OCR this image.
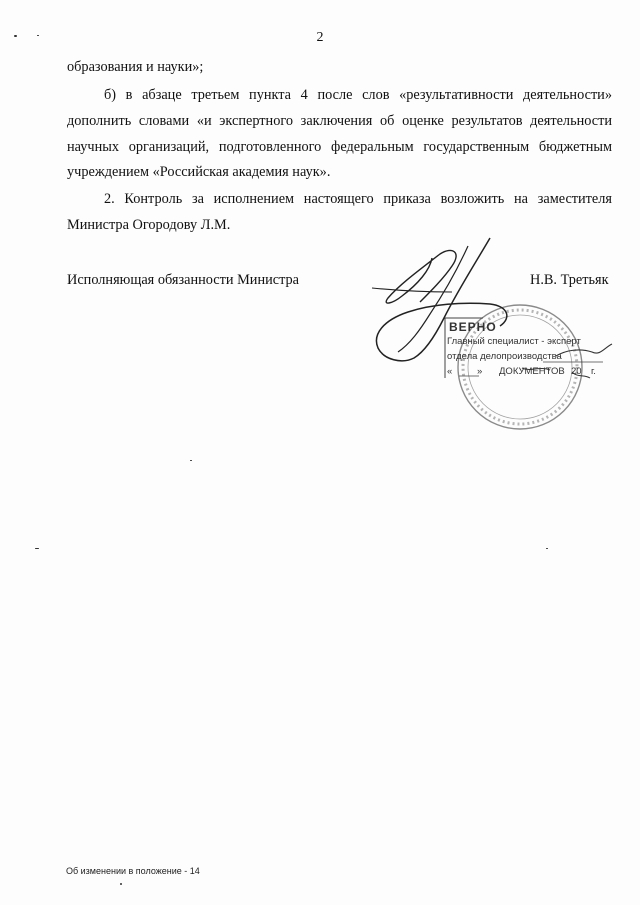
2
образования и науки»;
б) в абзаце третьем пункта 4 после слов «результативности деятельности»
дополнить словами «и экспертного заключения об оценке результатов деятельности
научных организаций, подготовленного федеральным государственным бюджетным
учреждением «Российская академия наук».
2. Контроль за исполнением настоящего приказа возложить на заместителя
Министра Огородову Л.М.
Исполняющая обязанности Министра	Н.В. Третьяк
ВЕРНО
Главный специалист - эксперт
отдела делопроизводства
«	» ДОКУМЕНТОВ 20 г.
Об изменении в положение - 14
